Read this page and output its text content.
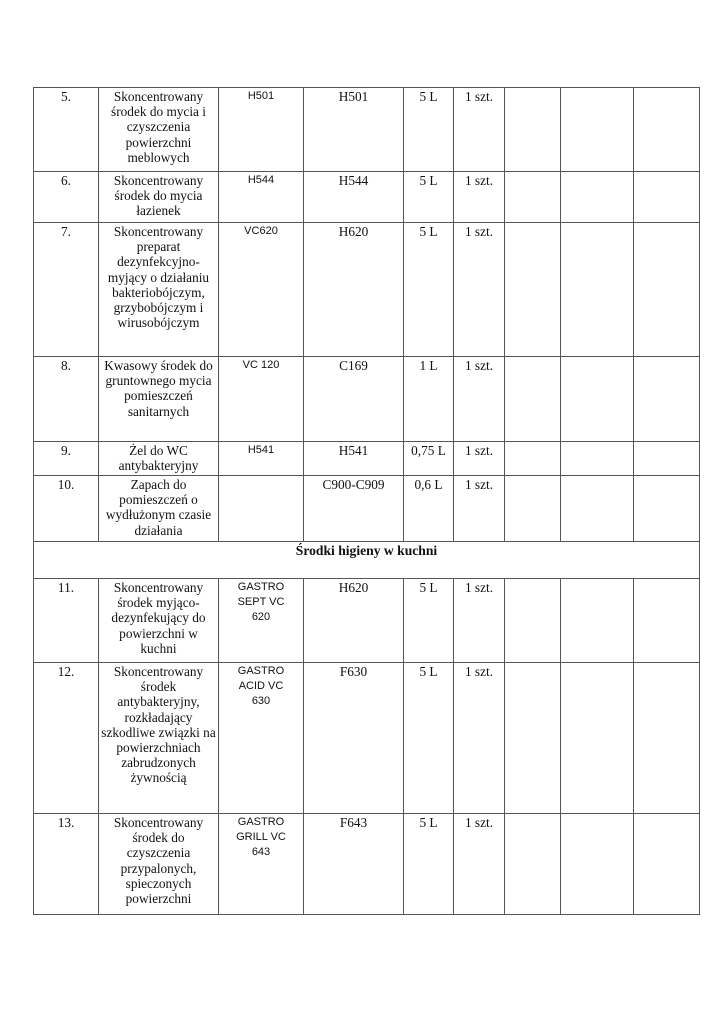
5.	Skoncentrowany środek do mycia i czyszczenia powierzchni meblowych	H501	H501	5 L	1 szt.			
6.	Skoncentrowany środek do mycia łazienek	H544	H544	5 L	1 szt.			
7.	Skoncentrowany preparat dezynfekcyjno-myjący o działaniu bakteriobójczym, grzybobójczym i wirusobójczym	VC620	H620	5 L	1 szt.			
8.	Kwasowy środek do gruntownego mycia pomieszczeń sanitarnych	VC 120	C169	1 L	1 szt.			
9.	Żel do WC antybakteryjny	H541	H541	0,75 L	1 szt.			
10.	Zapach do pomieszczeń o wydłużonym czasie działania		C900-C909	0,6 L	1 szt.			
Środki higieny w kuchni								
11.	Skoncentrowany środek myjąco-dezynfekujący do powierzchni w kuchni	GASTRO SEPT VC 620	H620	5 L	1 szt.			
12.	Skoncentrowany środek antybakteryjny, rozkładający szkodliwe związki na powierzchniach zabrudzonych żywnością	GASTRO ACID VC 630	F630	5 L	1 szt.			
13.	Skoncentrowany środek do czyszczenia przypalonych, spieczonych powierzchni	GASTRO GRILL VC 643	F643	5 L	1 szt.			
